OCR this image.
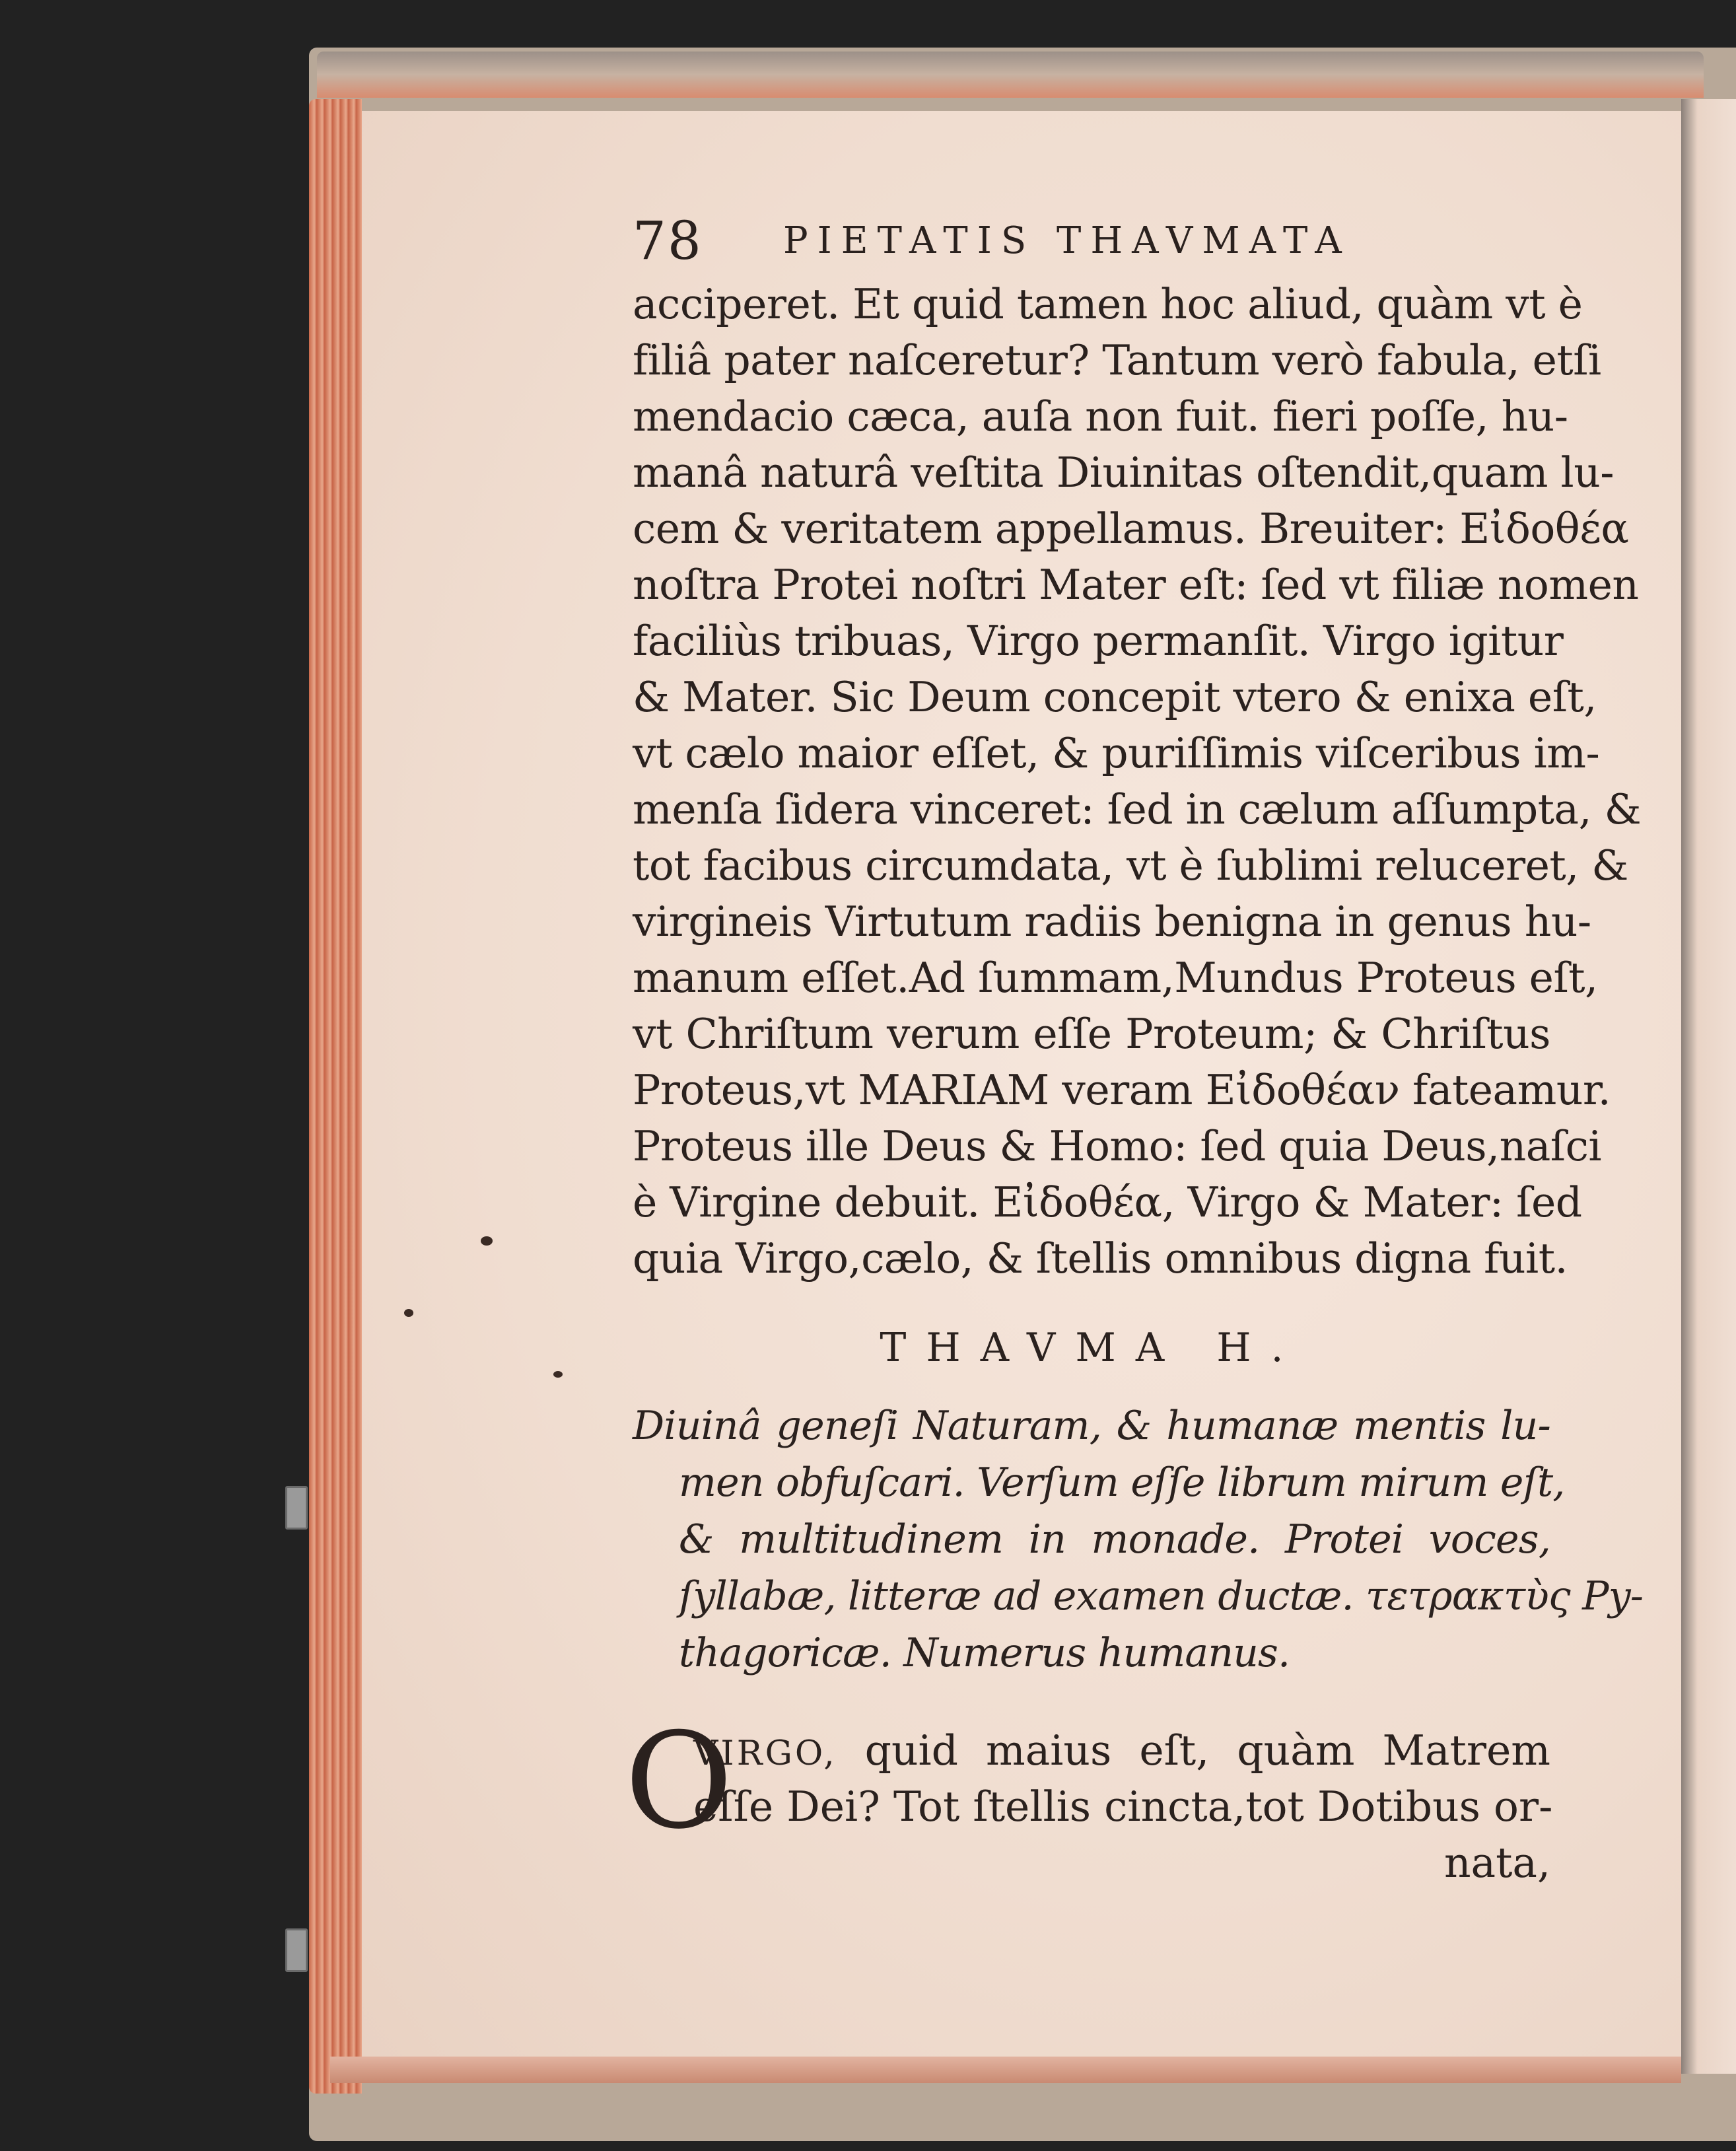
78 PIETATIS THAVMATA
acciperet. Et quid tamen hoc aliud, quàm vt è
filiâ pater naſceretur? Tantum verò fabula, etſi
mendacio cæca, auſa non fuit. fieri poſſe, hu-
manâ naturâ veſtita Diuinitas oſtendit,quam lu-
cem & veritatem appellamus. Breuiter: Eἰδοθέα
noſtra Protei noſtri Mater eſt: ſed vt filiæ nomen
faciliùs tribuas, Virgo permanſit. Virgo igitur
& Mater. Sic Deum concepit vtero & enixa eſt,
vt cælo maior eſſet, & puriſſimis viſceribus im-
menſa ſidera vinceret: ſed in cælum aſſumpta, &
tot facibus circumdata, vt è ſublimi reluceret, &
virgineis Virtutum radiis benigna in genus hu-
manum eſſet.Ad ſummam,Mundus Proteus eſt,
vt Chriſtum verum eſſe Proteum; & Chriſtus
Proteus,vt MARIAM veram Eἰδοθέαν fateamur.
Proteus ille Deus & Homo: ſed quia Deus,naſci
è Virgine debuit. Eἰδοθέα, Virgo & Mater: ſed
quia Virgo,cælo, & ſtellis omnibus digna fuit.
THAVMA H.
Diuinâ geneſi Naturam, & humanæ mentis lu-
men obfuſcari. Verſum eſſe librum mirum eſt,
& multitudinem in monade. Protei voces,
ſyllabæ, litteræ ad examen ductæ. τετρακτὺς Py-
thagoricæ. Numerus humanus.
O
VIRGO, quid maius eſt, quàm Matrem
eſſe Dei? Tot ſtellis cincta,tot Dotibus or-
nata,
